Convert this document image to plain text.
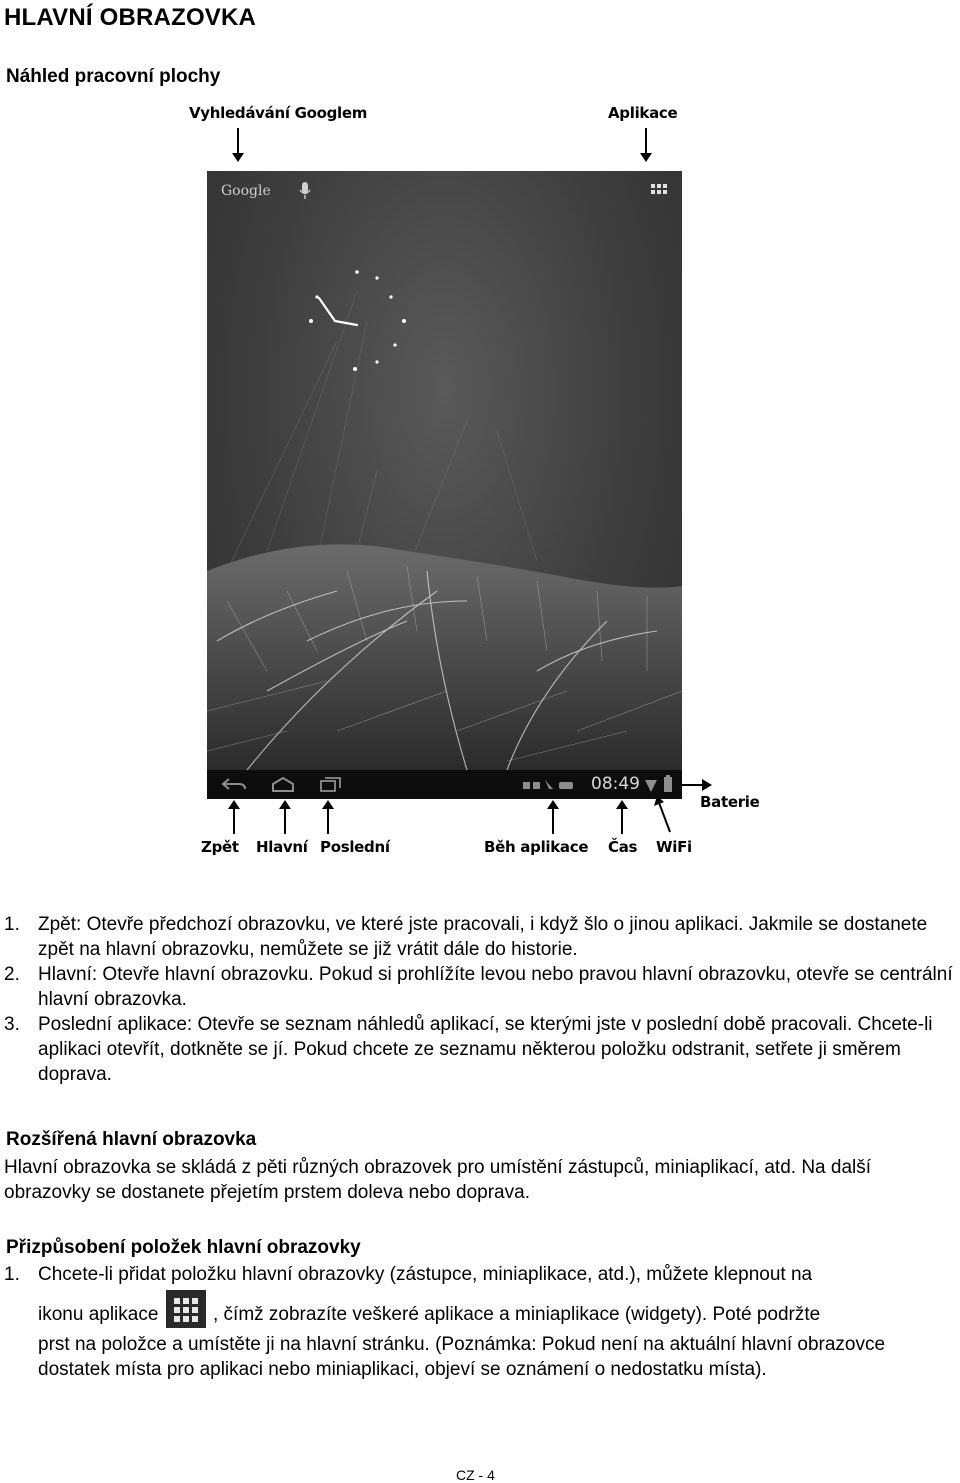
HLAVNÍ OBRAZOVKA
Náhled pracovní plochy
Vyhledávání Googlem	Aplikace
Google
08:49
Baterie
Zpět Hlavní Poslední	Běh aplikace Čas WiFi
1. Zpět: Otevře předchozí obrazovku, ve které jste pracovali, i když šlo o jinou aplikaci. Jakmile se dostanete zpět na hlavní obrazovku, nemůžete se již vrátit dále do historie.
2. Hlavní: Otevře hlavní obrazovku. Pokud si prohlížíte levou nebo pravou hlavní obrazovku, otevře se centrální hlavní obrazovka.
3. Poslední aplikace: Otevře se seznam náhledů aplikací, se kterými jste v poslední době pracovali. Chcete-li aplikaci otevřít, dotkněte se jí. Pokud chcete ze seznamu některou položku odstranit, setřete ji směrem doprava.
Rozšířená hlavní obrazovka
Hlavní obrazovka se skládá z pěti různých obrazovek pro umístění zástupců, miniaplikací, atd. Na další obrazovky se dostanete přejetím prstem doleva nebo doprava.
Přizpůsobení položek hlavní obrazovky
1. Chcete-li přidat položku hlavní obrazovky (zástupce, miniaplikace, atd.), můžete klepnout na
ikonu aplikace	, čímž zobrazíte veškeré aplikace a miniaplikace (widgety). Poté podržte
prst na položce a umístěte ji na hlavní stránku. (Poznámka: Pokud není na aktuální hlavní obrazovce dostatek místa pro aplikaci nebo miniaplikaci, objeví se oznámení o nedostatku místa).
CZ - 4
